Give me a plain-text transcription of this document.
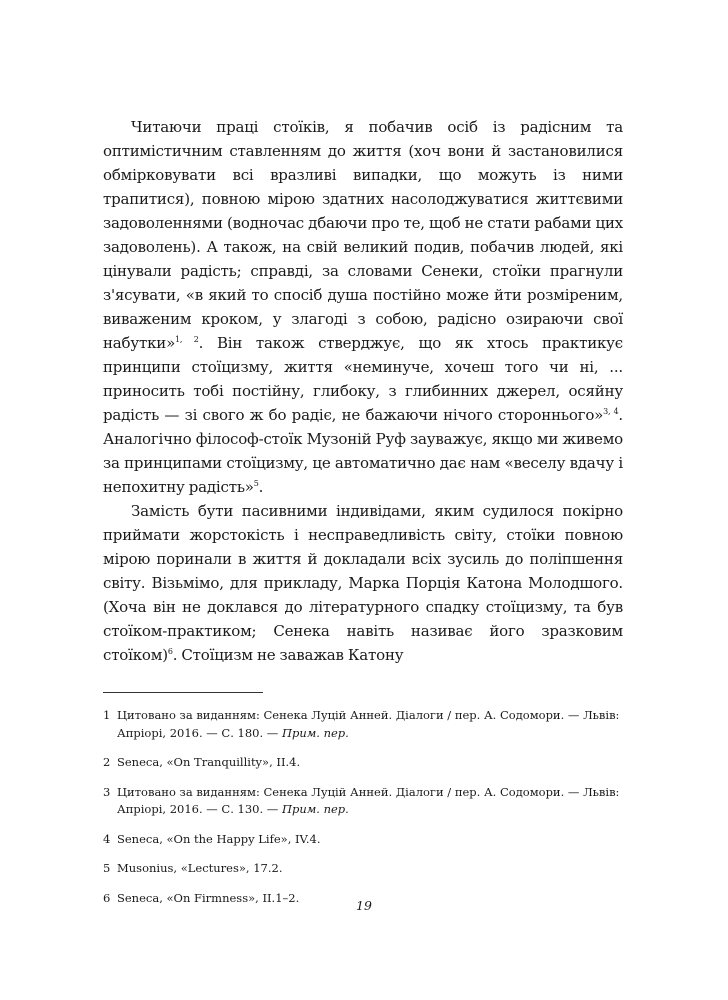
Читаючи праці стоїків, я побачив осіб із радісним та оптимістичним ставленням до життя (хоч вони й застановилися обмірковувати всі вразливі випадки, що можуть із ними трапитися), повною мірою здатних насолоджуватися життєвими задоволеннями (водночас дбаючи про те, щоб не стати рабами цих задоволень). А також, на свій великий подив, побачив людей, які цінували радість; справді, за словами Сенеки, стоїки прагнули з'ясувати, «в який то спосіб душа постійно може йти розміреним, виваженим кроком, у злагоді з собою, радісно озираючи свої набутки»$^{1, 2}$. Він також стверджує, що як хтось практикує принципи стоїцизму, життя «неминуче, хочеш того чи ні, ... приносить тобі постійну, глибоку, з глибинних джерел, осяйну радість — зі свого ж бо радіє, не бажаючи нічого стороннього»$^{3, 4}$. Аналогічно філософ-стоїк Музоній Руф зауважує, якщо ми живемо за принципами стоїцизму, це автоматично дає нам «веселу вдачу і непохитну радість»$^5$.

Замість бути пасивними індивідами, яким судилося покірно приймати жорстокість і несправедливість світу, стоїки повною мірою поринали в життя й докладали всіх зусиль до поліпшення світу. Візьмімо, для прикладу, Марка Порція Катона Молодшого. (Хоча він не доклався до літературного спадку стоїцизму, та був стоїком-практиком; Сенека навіть називає його зразковим стоїком)$^6$. Стоїцизм не заважав Катону

1 Цитовано за виданням: Сенека Луцій Анней. Діалоги / пер. А. Содомори. — Львів: Апріорі, 2016. — С. 180. — Прим. пер.
2 Seneca, «On Tranquillity», II.4.
3 Цитовано за виданням: Сенека Луцій Анней. Діалоги / пер. А. Содомори. — Львів: Апріорі, 2016. — С. 130. — Прим. пер.
4 Seneca, «On the Happy Life», IV.4.
5 Musonius, «Lectures», 17.2.
6 Seneca, «On Firmness», II.1–2.
19
